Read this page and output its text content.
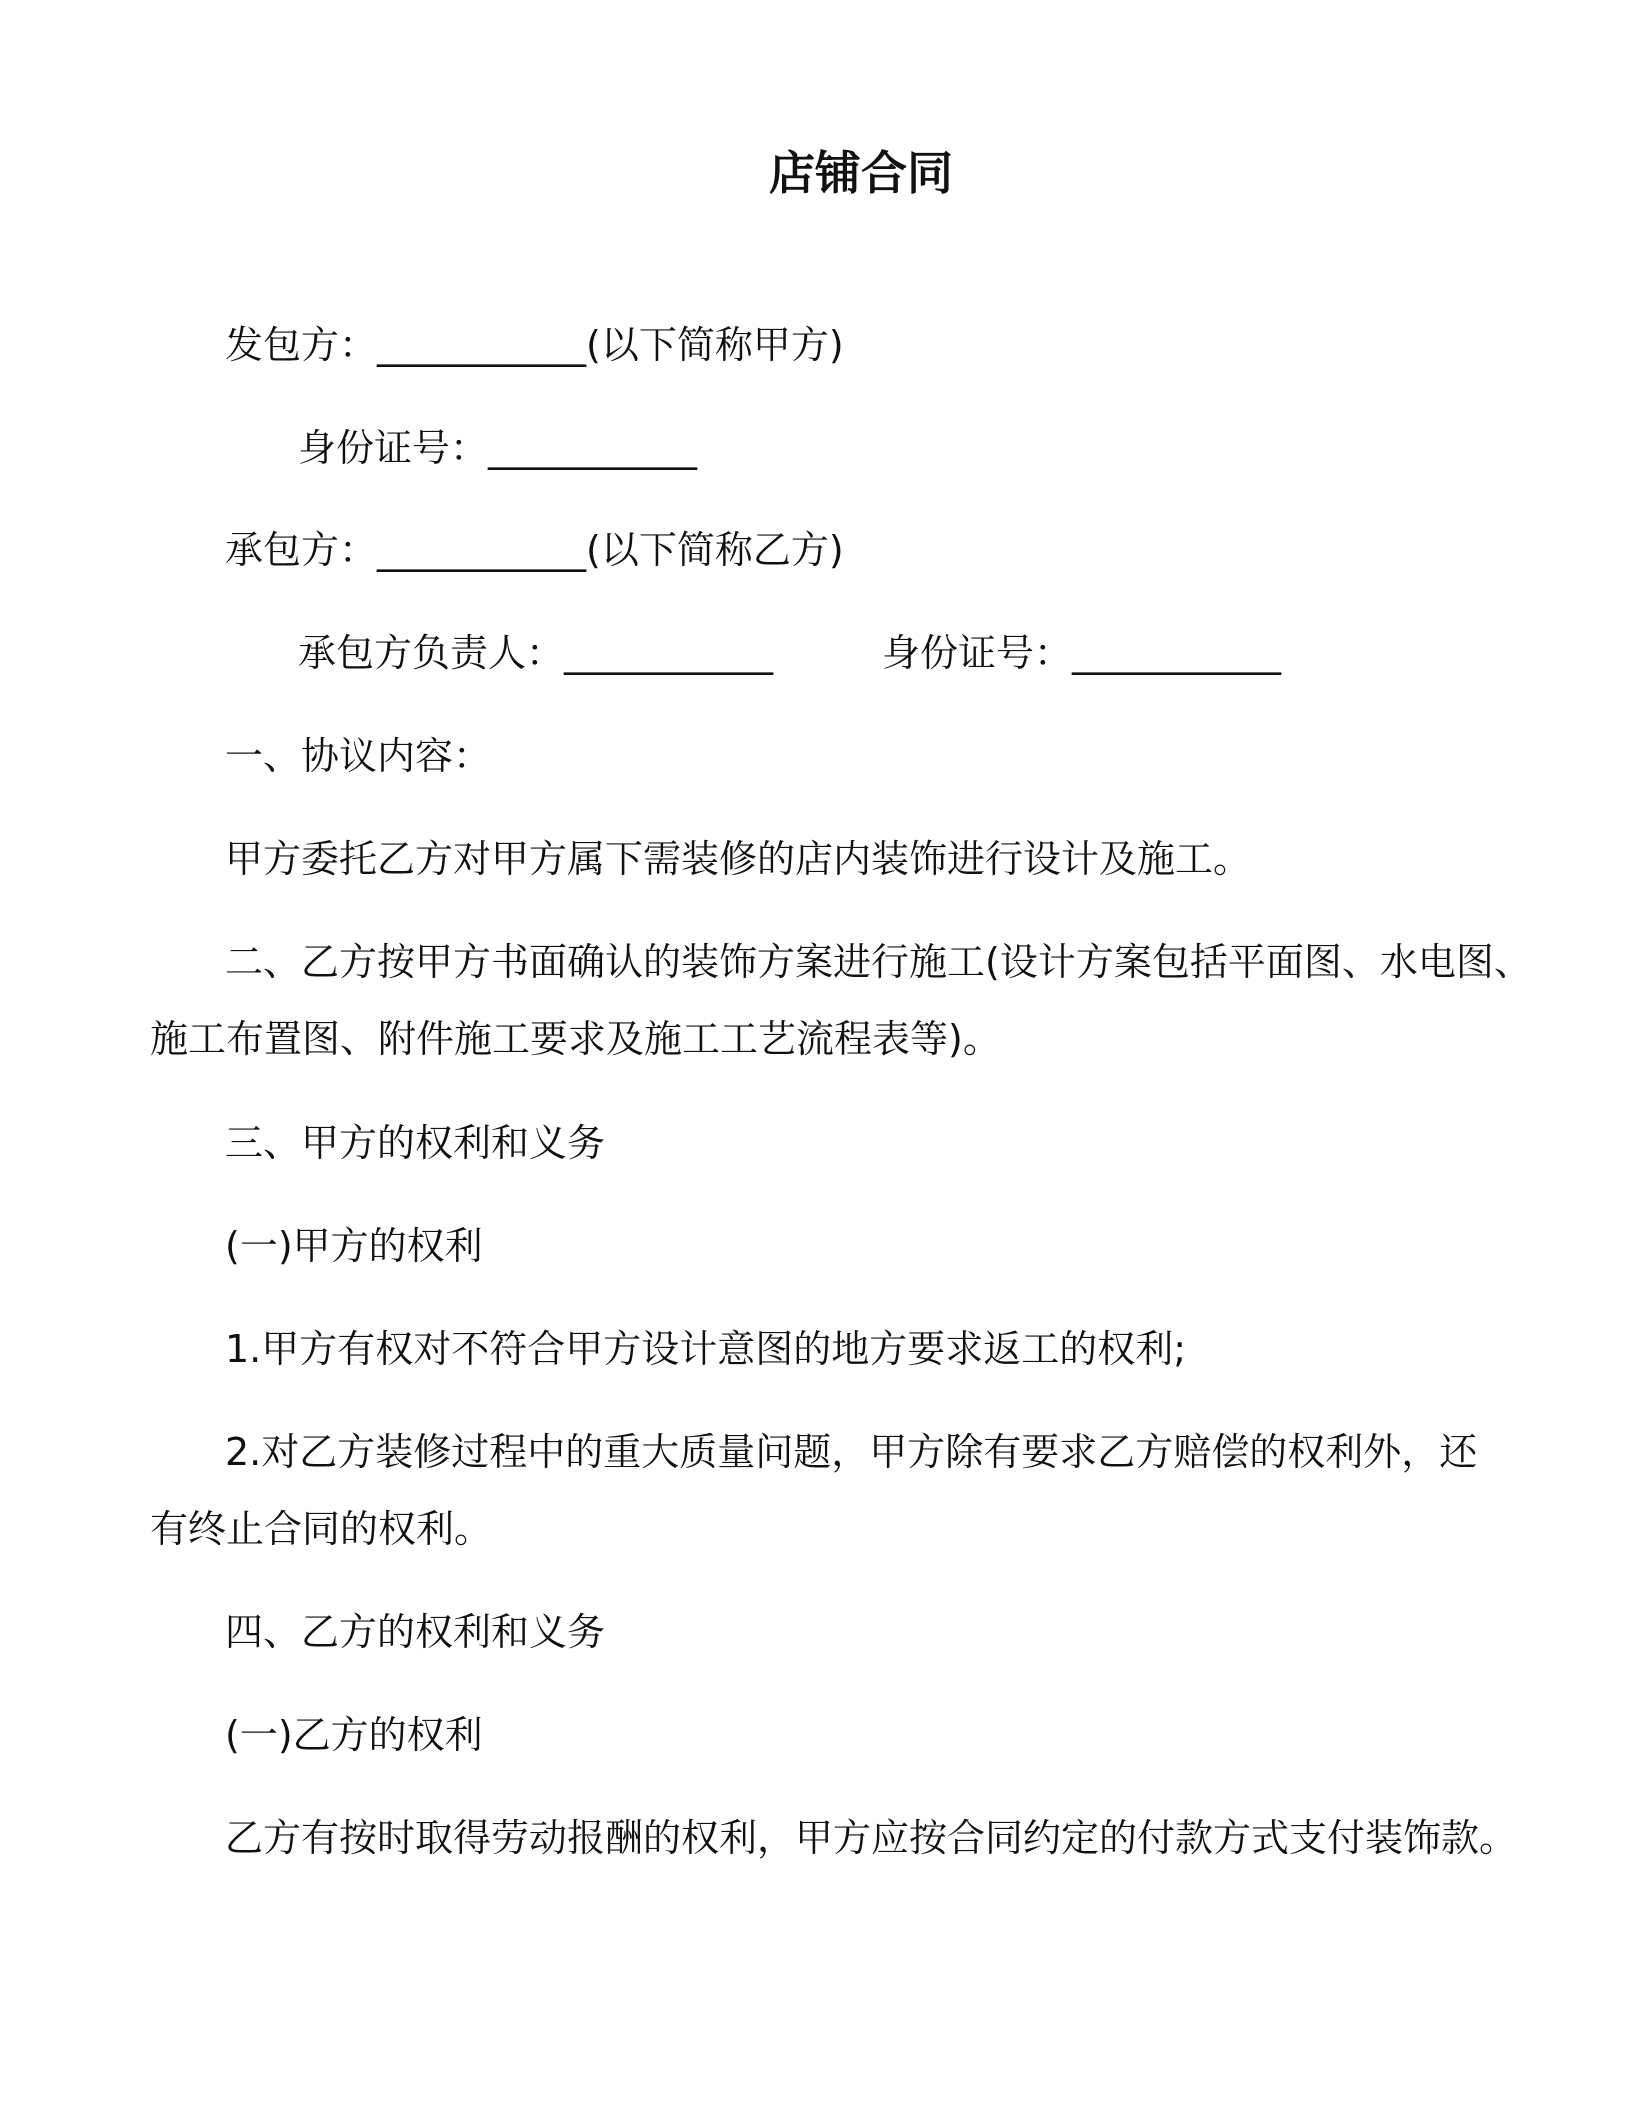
店铺合同
发包方：___________(以下简称甲方)
身份证号：___________
承包方：___________(以下简称乙方)
承包方负责人：___________	身份证号：___________
一、协议内容：
甲方委托乙方对甲方属下需装修的店内装饰进行设计及施工。
二、乙方按甲方书面确认的装饰方案进行施工(设计方案包括平面图、水电图、
施工布置图、附件施工要求及施工工艺流程表等)。
三、甲方的权利和义务
(一)甲方的权利
1.甲方有权对不符合甲方设计意图的地方要求返工的权利;
2.对乙方装修过程中的重大质量问题，甲方除有要求乙方赔偿的权利外，还
有终止合同的权利。
四、乙方的权利和义务
(一)乙方的权利
乙方有按时取得劳动报酬的权利，甲方应按合同约定的付款方式支付装饰款。
